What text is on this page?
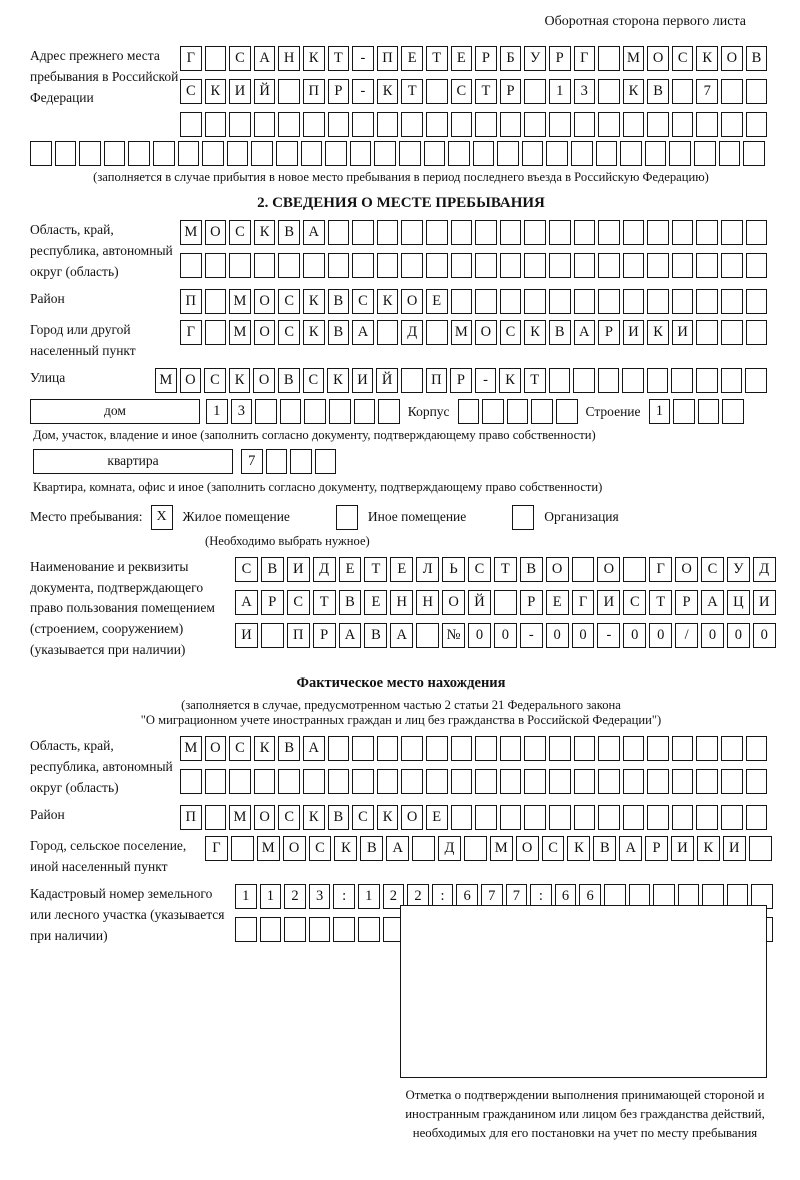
Оборотная сторона первого листа
Адрес прежнего места пребывания в Российской Федерации
Г	С	А Н	К	Т	-	П	Е	Т	Е	Р	Б	У	Р	Г	М О	С	К	О	В
С	К	И Й	П	Р	-	К	Т	С	Т	Р	1	3	К	В	7
(заполняется в случае прибытия в новое место пребывания в период последнего въезда в Российскую Федерацию)
2. СВЕДЕНИЯ О МЕСТЕ ПРЕБЫВАНИЯ
Область, край, республика, автономный округ (область)
М О	С	К	В	А
Район	П	М О	С	К	В	С	К	О	Е
Город или другой населенный пункт
Г	М О	С	К	В	А	Д	М О	С	К	В	А	Р	И	К	И
Улица	М О	С	К	О	В	С	К	И Й	П	Р	-	К	Т
дом	1	3	Корпус	Строение	1
Дом, участок, владение и иное (заполнить согласно документу, подтверждающему право собственности)
квартира	7
Квартира, комната, офис и иное (заполнить согласно документу, подтверждающему право собственности)
Место пребывания: X	Жилое помещение	Иное помещение	Организация
(Необходимо выбрать нужное)
Наименование и реквизиты документа, подтверждающего право пользования помещением (строением, сооружением) (указывается при наличии)
С	В	И	Д	Е	Т	Е	Л	Ь	С	Т	В	О	О	Г	О	С	У	Д
А	Р	С	Т	В	Е	Н	Н	О	Й	Р	Е	Г	И	С	Т	Р	А	Ц	И
И	П	Р	А	В	А	№	0	0	-	0	0	-	0	0	/	0	0	0
Фактическое место нахождения
(заполняется в случае, предусмотренном частью 2 статьи 21 Федерального закона
"О миграционном учете иностранных граждан и лиц без гражданства в Российской Федерации")
Область, край, республика, автономный округ (область)
М О	С	К	В	А
Район	П	М О	С	К	В	С	К	О	Е
Город, сельское поселение, иной населенный пункт
Г	М О	С	К	В	А	Д	М О	С	К	В	А	Р	И	К	И
Кадастровый номер земельного или лесного участка (указывается при наличии)
1	1	2	3	:	1	2	2	:	6	7	7	:	6	6
Отметка о подтверждении выполнения принимающей стороной и иностранным гражданином или лицом без гражданства действий, необходимых для его постановки на учет по месту пребывания
